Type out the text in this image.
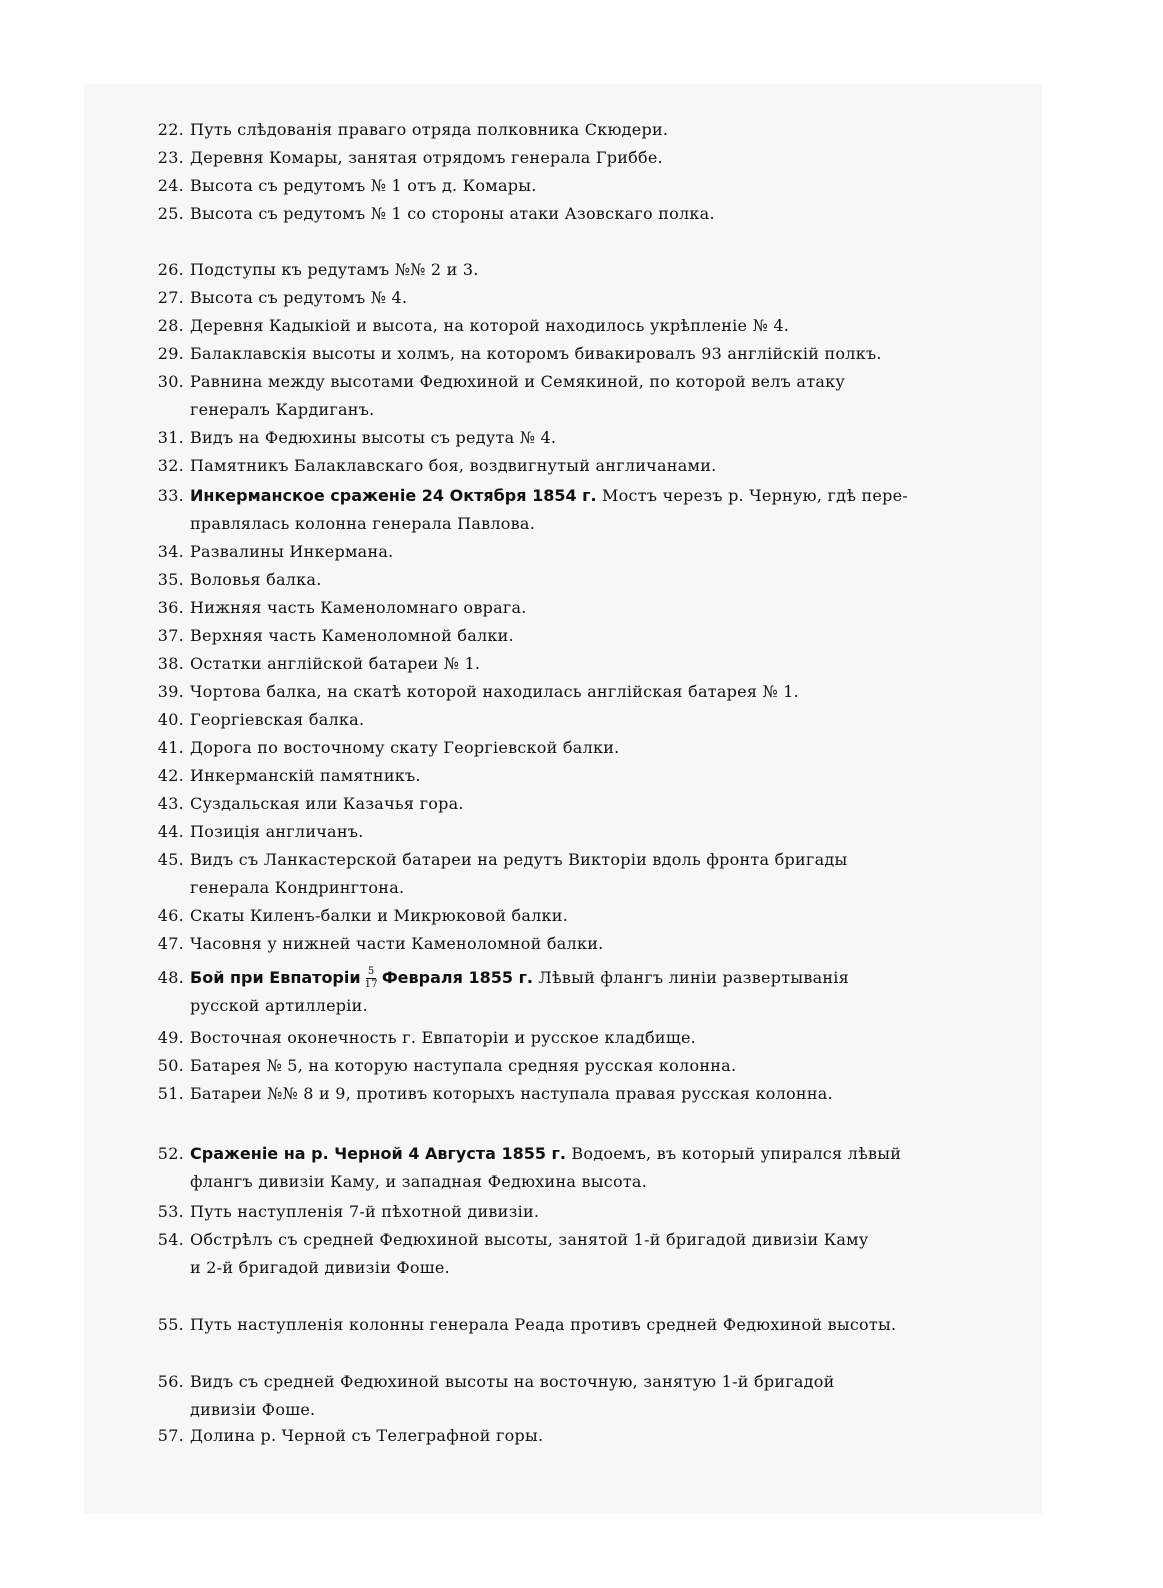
22. Путь слѣдованія праваго отряда полковника Скюдери.
23. Деревня Комары, занятая отрядомъ генерала Гриббе.
24. Высота съ редутомъ № 1 отъ д. Комары.
25. Высота съ редутомъ № 1 со стороны атаки Азовскаго полка.
26. Подступы къ редутамъ №№ 2 и 3.
27. Высота съ редутомъ № 4.
28. Деревня Кадыкіой и высота, на которой находилось укрѣпленіе № 4.
29. Балаклавскія высоты и холмъ, на которомъ бивакировалъ 93 англійскій полкъ.
30. Равнина между высотами Федюхиной и Семякиной, по которой велъ атаку
генералъ Кардиганъ.
31. Видъ на Федюхины высоты съ редута № 4.
32. Памятникъ Балаклавскаго боя, воздвигнутый англичанами.
33. Инкерманское сраженіе 24 Октября 1854 г. Мостъ черезъ р. Черную, гдѣ пере-
правлялась колонна генерала Павлова.
34. Развалины Инкермана.
35. Воловья балка.
36. Нижняя часть Каменоломнаго оврага.
37. Верхняя часть Каменоломной балки.
38. Остатки англійской батареи № 1.
39. Чортова балка, на скатѣ которой находилась англійская батарея № 1.
40. Георгіевская балка.
41. Дорога по восточному скату Георгіевской балки.
42. Инкерманскій памятникъ.
43. Суздальская или Казачья гора.
44. Позиція англичанъ.
45. Видъ съ Ланкастерской батареи на редутъ Викторіи вдоль фронта бригады
генерала Кондрингтона.
46. Скаты Киленъ-балки и Микрюковой балки.
47. Часовня у нижней части Каменоломной балки.
48. Бой при Евпаторіи $\frac{5}{17}$ Февраля 1855 г. Лѣвый флангъ линіи развертыванія
русской артиллеріи.
49. Восточная оконечность г. Евпаторіи и русское кладбище.
50. Батарея № 5, на которую наступала средняя русская колонна.
51. Батареи №№ 8 и 9, противъ которыхъ наступала правая русская колонна.
52. Сраженіе на р. Черной 4 Августа 1855 г. Водоемъ, въ который упирался лѣвый
флангъ дивизіи Каму, и западная Федюхина высота.
53. Путь наступленія 7-й пѣхотной дивизіи.
54. Обстрѣлъ съ средней Федюхиной высоты, занятой 1-й бригадой дивизіи Каму
и 2-й бригадой дивизіи Фоше.
55. Путь наступленія колонны генерала Реада противъ средней Федюхиной высоты.
56. Видъ съ средней Федюхиной высоты на восточную, занятую 1-й бригадой
дивизіи Фоше.
57. Долина р. Черной съ Телеграфной горы.
